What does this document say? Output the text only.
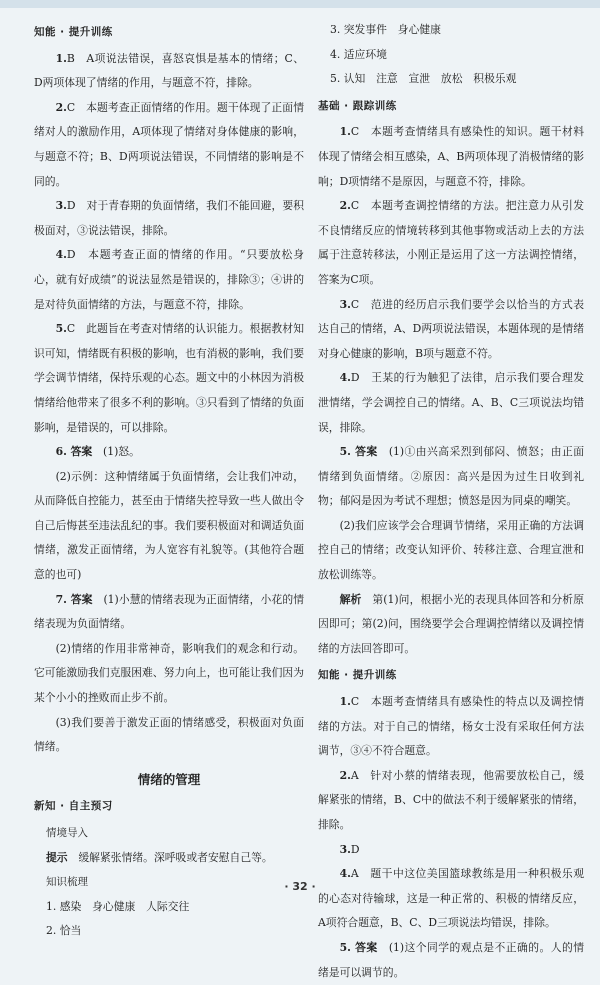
知能 · 提升训练

1.B　 A项说法错误，喜怒哀惧是基本的情绪；C、D两项体现了情绪的作用，与题意不符，排除。

2.C　 本题考查正面情绪的作用。题干体现了正面情绪对人的激励作用，A项体现了情绪对身体健康的影响，与题意不符；B、D两项说法错误，不同情绪的影响是不同的。

3.D　 对于青春期的负面情绪，我们不能回避，要积极面对，③说法错误，排除。

4.D　 本题考查正面的情绪的作用。“只要放松身心，就有好成绩”的说法显然是错误的，排除③；④讲的是对待负面情绪的方法，与题意不符，排除。

5.C　 此题旨在考查对情绪的认识能力。根据教材知识可知，情绪既有积极的影响，也有消极的影响，我们要学会调节情绪，保持乐观的心态。题文中的小林因为消极情绪给他带来了很多不利的影响。③只看到了情绪的负面影响，是错误的，可以排除。

6. 答案　 (1)怒。

(2)示例：这种情绪属于负面情绪，会让我们冲动，从而降低自控能力，甚至由于情绪失控导致一些人做出令自己后悔甚至违法乱纪的事。我们要积极面对和调适负面情绪，激发正面情绪，为人宽容有礼貌等。(其他符合题意的也可)

7. 答案　 (1)小慧的情绪表现为正面情绪，小花的情绪表现为负面情绪。

(2)情绪的作用非常神奇，影响我们的观念和行动。它可能激励我们克服困难、努力向上，也可能让我们因为某个小小的挫败而止步不前。

(3)我们要善于激发正面的情绪感受，积极面对负面情绪。

情绪的管理
新知 · 自主预习
情境导入

提示　 缓解紧张情绪。深呼吸或者安慰自己等。

知识梳理

1. 感染　身心健康　人际交往

2. 恰当

3. 突发事件　身心健康

4. 适应环境

5. 认知　注意　宣泄　放松　积极乐观

基础 · 跟踪训练

1.C　 本题考查情绪具有感染性的知识。题干材料体现了情绪会相互感染，A、B两项体现了消极情绪的影响；D项情绪不是原因，与题意不符，排除。

2.C　 本题考查调控情绪的方法。把注意力从引发不良情绪反应的情境转移到其他事物或活动上去的方法属于注意转移法，小刚正是运用了这一方法调控情绪，答案为C项。

3.C　 范进的经历启示我们要学会以恰当的方式表达自己的情绪，A、D两项说法错误，本题体现的是情绪对身心健康的影响，B项与题意不符。

4.D　 王某的行为触犯了法律，启示我们要合理发泄情绪，学会调控自己的情绪。A、B、C三项说法均错误，排除。

5. 答案　 (1)①由兴高采烈到郁闷、愤怒；由正面情绪到负面情绪。②原因：高兴是因为过生日收到礼物；郁闷是因为考试不理想；愤怒是因为同桌的嘲笑。

(2)我们应该学会合理调节情绪，采用正确的方法调控自己的情绪；改变认知评价、转移注意、合理宣泄和放松训练等。

解析　 第(1)问，根据小光的表现具体回答和分析原因即可；第(2)问，围绕要学会合理调控情绪以及调控情绪的方法回答即可。

知能 · 提升训练

1.C　 本题考查情绪具有感染性的特点以及调控情绪的方法。对于自己的情绪，杨女士没有采取任何方法调节，③④不符合题意。

2.A　 针对小蔡的情绪表现，他需要放松自己，缓解紧张的情绪，B、C中的做法不利于缓解紧张的情绪，排除。

3.D

4.A　 题干中这位美国篮球教练是用一种积极乐观的心态对待输球，这是一种正常的、积极的情绪反应，A项符合题意，B、C、D三项说法均错误，排除。

5. 答案　 (1)这个同学的观点是不正确的。人的情绪是可以调节的。

· 32 ·
